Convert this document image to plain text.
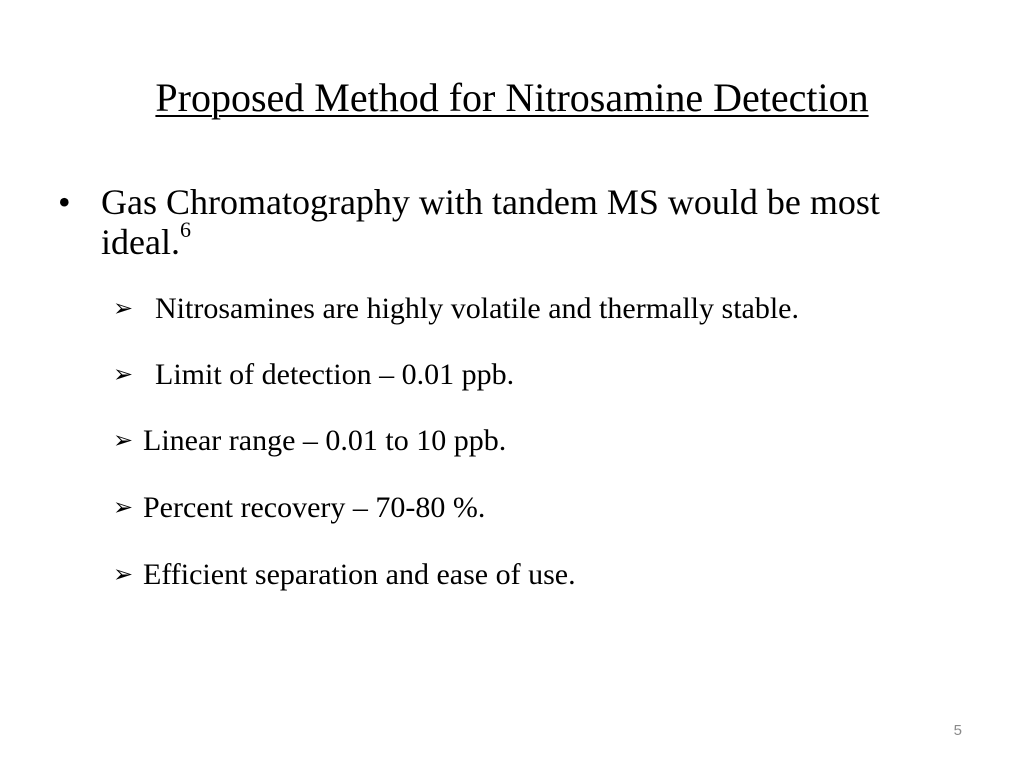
Proposed Method for Nitrosamine Detection
• Gas Chromatography with tandem MS would be most ideal.$^6$
➢ Nitrosamines are highly volatile and thermally stable.
➢ Limit of detection – 0.01 ppb.
➢ Linear range – 0.01 to 10 ppb.
➢ Percent recovery – 70-80 %.
➢ Efficient separation and ease of use.
5
